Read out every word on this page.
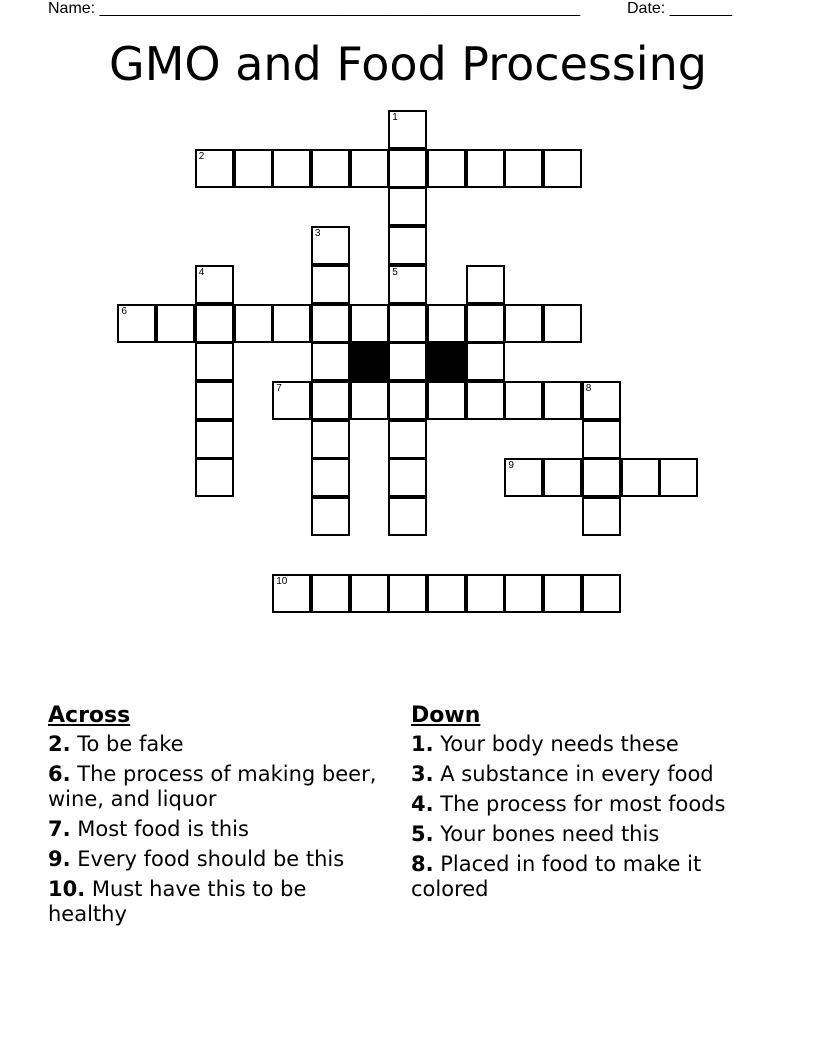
Name: ______________________________________________________	Date: _______
GMO and Food Processing
1
2
3
4	5
6
7	8
9
10
Across
2. To be fake
6. The process of making beer, wine, and liquor
7. Most food is this
9. Every food should be this
10. Must have this to be healthy
Down
1. Your body needs these
3. A substance in every food
4. The process for most foods
5. Your bones need this
8. Placed in food to make it colored
